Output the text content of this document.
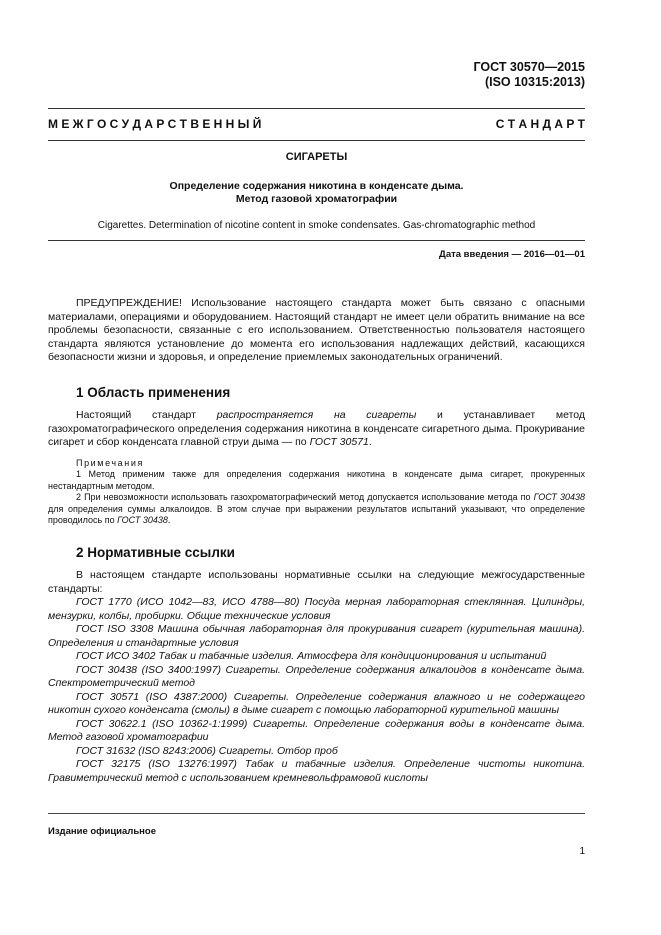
ГОСТ 30570—2015
(ISO 10315:2013)
М Е Ж Г О С У Д А Р С Т В Е Н Н Ы Й	С Т А Н Д А Р Т
СИГАРЕТЫ
Определение содержания никотина в конденсате дыма.
Метод газовой хроматографии
Cigarettes. Determination of nicotine content in smoke condensates. Gas-chromatographic method
Дата введения — 2016—01—01

ПРЕДУПРЕЖДЕНИЕ! Использование настоящего стандарта может быть связано с опасными материалами, операциями и оборудованием. Настоящий стандарт не имеет цели обратить внимание на все проблемы безопасности, связанные с его использованием. Ответственностью пользователя настоящего стандарта являются установление до момента его использования надлежащих действий, касающихся безопасности жизни и здоровья, и определение приемлемых законодательных ограничений.

1 Область применения

Настоящий стандарт распространяется на сигареты и устанавливает метод газохроматографического определения содержания никотина в конденсате сигаретного дыма. Прокуривание сигарет и сбор конденсата главной струи дыма — по ГОСТ 30571.

Примечания

1 Метод применим также для определения содержания никотина в конденсате дыма сигарет, прокуренных нестандартным методом.

2 При невозможности использовать газохроматографический метод допускается использование метода по ГОСТ 30438 для определения суммы алкалоидов. В этом случае при выражении результатов испытаний указывают, что определение проводилось по ГОСТ 30438.

2 Нормативные ссылки

В настоящем стандарте использованы нормативные ссылки на следующие межгосударственные стандарты:

ГОСТ 1770 (ИСО 1042—83, ИСО 4788—80) Посуда мерная лабораторная стеклянная. Цилиндры, мензурки, колбы, пробирки. Общие технические условия

ГОСТ ISO 3308 Машина обычная лабораторная для прокуривания сигарет (курительная машина). Определения и стандартные условия

ГОСТ ИСО 3402 Табак и табачные изделия. Атмосфера для кондиционирования и испытаний

ГОСТ 30438 (ISO 3400:1997) Сигареты. Определение содержания алкалоидов в конденсате дыма. Спектрометрический метод

ГОСТ 30571 (ISO 4387:2000) Сигареты. Определение содержания влажного и не содержащего никотин сухого конденсата (смолы) в дыме сигарет с помощью лабораторной курительной машины

ГОСТ 30622.1 (ISO 10362-1:1999) Сигареты. Определение содержания воды в конденсате дыма. Метод газовой хроматографии

ГОСТ 31632 (ISO 8243:2006) Сигареты. Отбор проб

ГОСТ 32175 (ISO 13276:1997) Табак и табачные изделия. Определение чистоты никотина. Гравиметрический метод с использованием кремневольфрамовой кислоты

Издание официальное
1
